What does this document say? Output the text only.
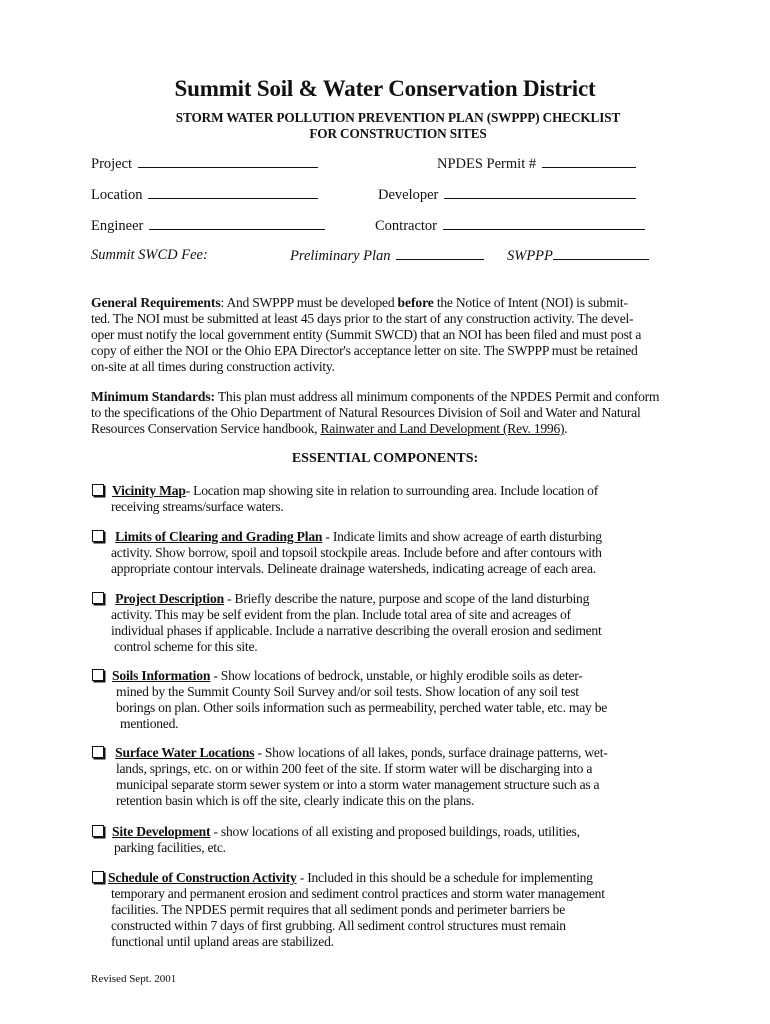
Summit Soil & Water Conservation District
STORM WATER POLLUTION PREVENTION PLAN (SWPPP) CHECKLIST
FOR CONSTRUCTION SITES
Project	NPDES Permit #
Location	Developer
Engineer	Contractor
Summit SWCD Fee:	Preliminary Plan	SWPPP
General Requirements: And SWPPP must be developed before the Notice of Intent (NOI) is submit-
ted. The NOI must be submitted at least 45 days prior to the start of any construction activity. The devel-
oper must notify the local government entity (Summit SWCD) that an NOI has been filed and must post a
copy of either the NOI or the Ohio EPA Director's acceptance letter on site. The SWPPP must be retained
on-site at all times during construction activity.
Minimum Standards: This plan must address all minimum components of the NPDES Permit and conform
to the specifications of the Ohio Department of Natural Resources Division of Soil and Water and Natural
Resources Conservation Service handbook, Rainwater and Land Development (Rev. 1996).
ESSENTIAL COMPONENTS:
Vicinity Map- Location map showing site in relation to surrounding area. Include location of
receiving streams/surface waters.
Limits of Clearing and Grading Plan - Indicate limits and show acreage of earth disturbing
activity. Show borrow, spoil and topsoil stockpile areas. Include before and after contours with
appropriate contour intervals. Delineate drainage watersheds, indicating acreage of each area.
Project Description - Briefly describe the nature, purpose and scope of the land disturbing
activity. This may be self evident from the plan. Include total area of site and acreages of
individual phases if applicable. Include a narrative describing the overall erosion and sediment
control scheme for this site.
Soils Information - Show locations of bedrock, unstable, or highly erodible soils as deter-
mined by the Summit County Soil Survey and/or soil tests. Show location of any soil test
borings on plan. Other soils information such as permeability, perched water table, etc. may be
mentioned.
Surface Water Locations - Show locations of all lakes, ponds, surface drainage patterns, wet-
lands, springs, etc. on or within 200 feet of the site. If storm water will be discharging into a
municipal separate storm sewer system or into a storm water management structure such as a
retention basin which is off the site, clearly indicate this on the plans.
Site Development - show locations of all existing and proposed buildings, roads, utilities,
parking facilities, etc.
Schedule of Construction Activity - Included in this should be a schedule for implementing
temporary and permanent erosion and sediment control practices and storm water management
facilities. The NPDES permit requires that all sediment ponds and perimeter barriers be
constructed within 7 days of first grubbing. All sediment control structures must remain
functional until upland areas are stabilized.
Revised Sept. 2001
